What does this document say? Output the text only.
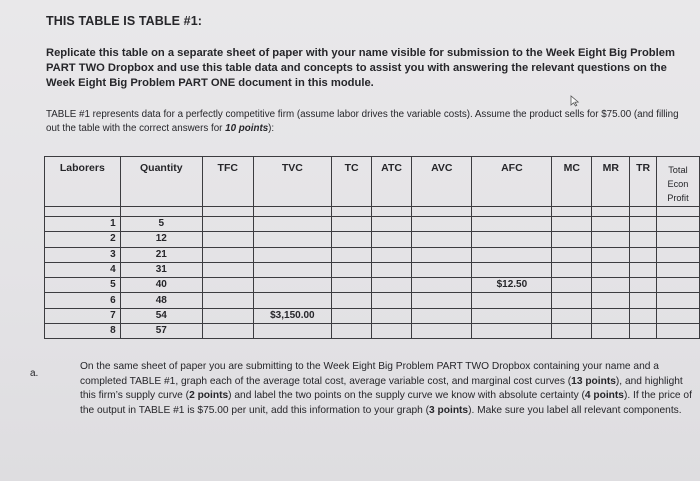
THIS TABLE IS TABLE #1:
Replicate this table on a separate sheet of paper with your name visible for submission to the Week Eight Big Problem PART TWO Dropbox and use this table data and concepts to assist you with answering the relevant questions on the Week Eight Big Problem PART ONE document in this module.
TABLE #1 represents data for a perfectly competitive firm (assume labor drives the variable costs). Assume the product sells for $75.00 (and filling out the table with the correct answers for 10 points):
Laborers	Quantity	TFC	TVC	TC	ATC	AVC	AFC	MC	MR	TR	Total
Econ
Profit

1	5										
2	12										
3	21										
4	31										
5	40						$12.50				
6	48										
7	54		$3,150.00								
8	57										
a.
On the same sheet of paper you are submitting to the Week Eight Big Problem PART TWO Dropbox containing your name and a completed TABLE #1, graph each of the average total cost, average variable cost, and marginal cost curves (13 points), and highlight this firm’s supply curve (2 points) and label the two points on the supply curve we know with absolute certainty (4 points). If the price of the output in TABLE #1 is $75.00 per unit, add this information to your graph (3 points). Make sure you label all relevant components.
